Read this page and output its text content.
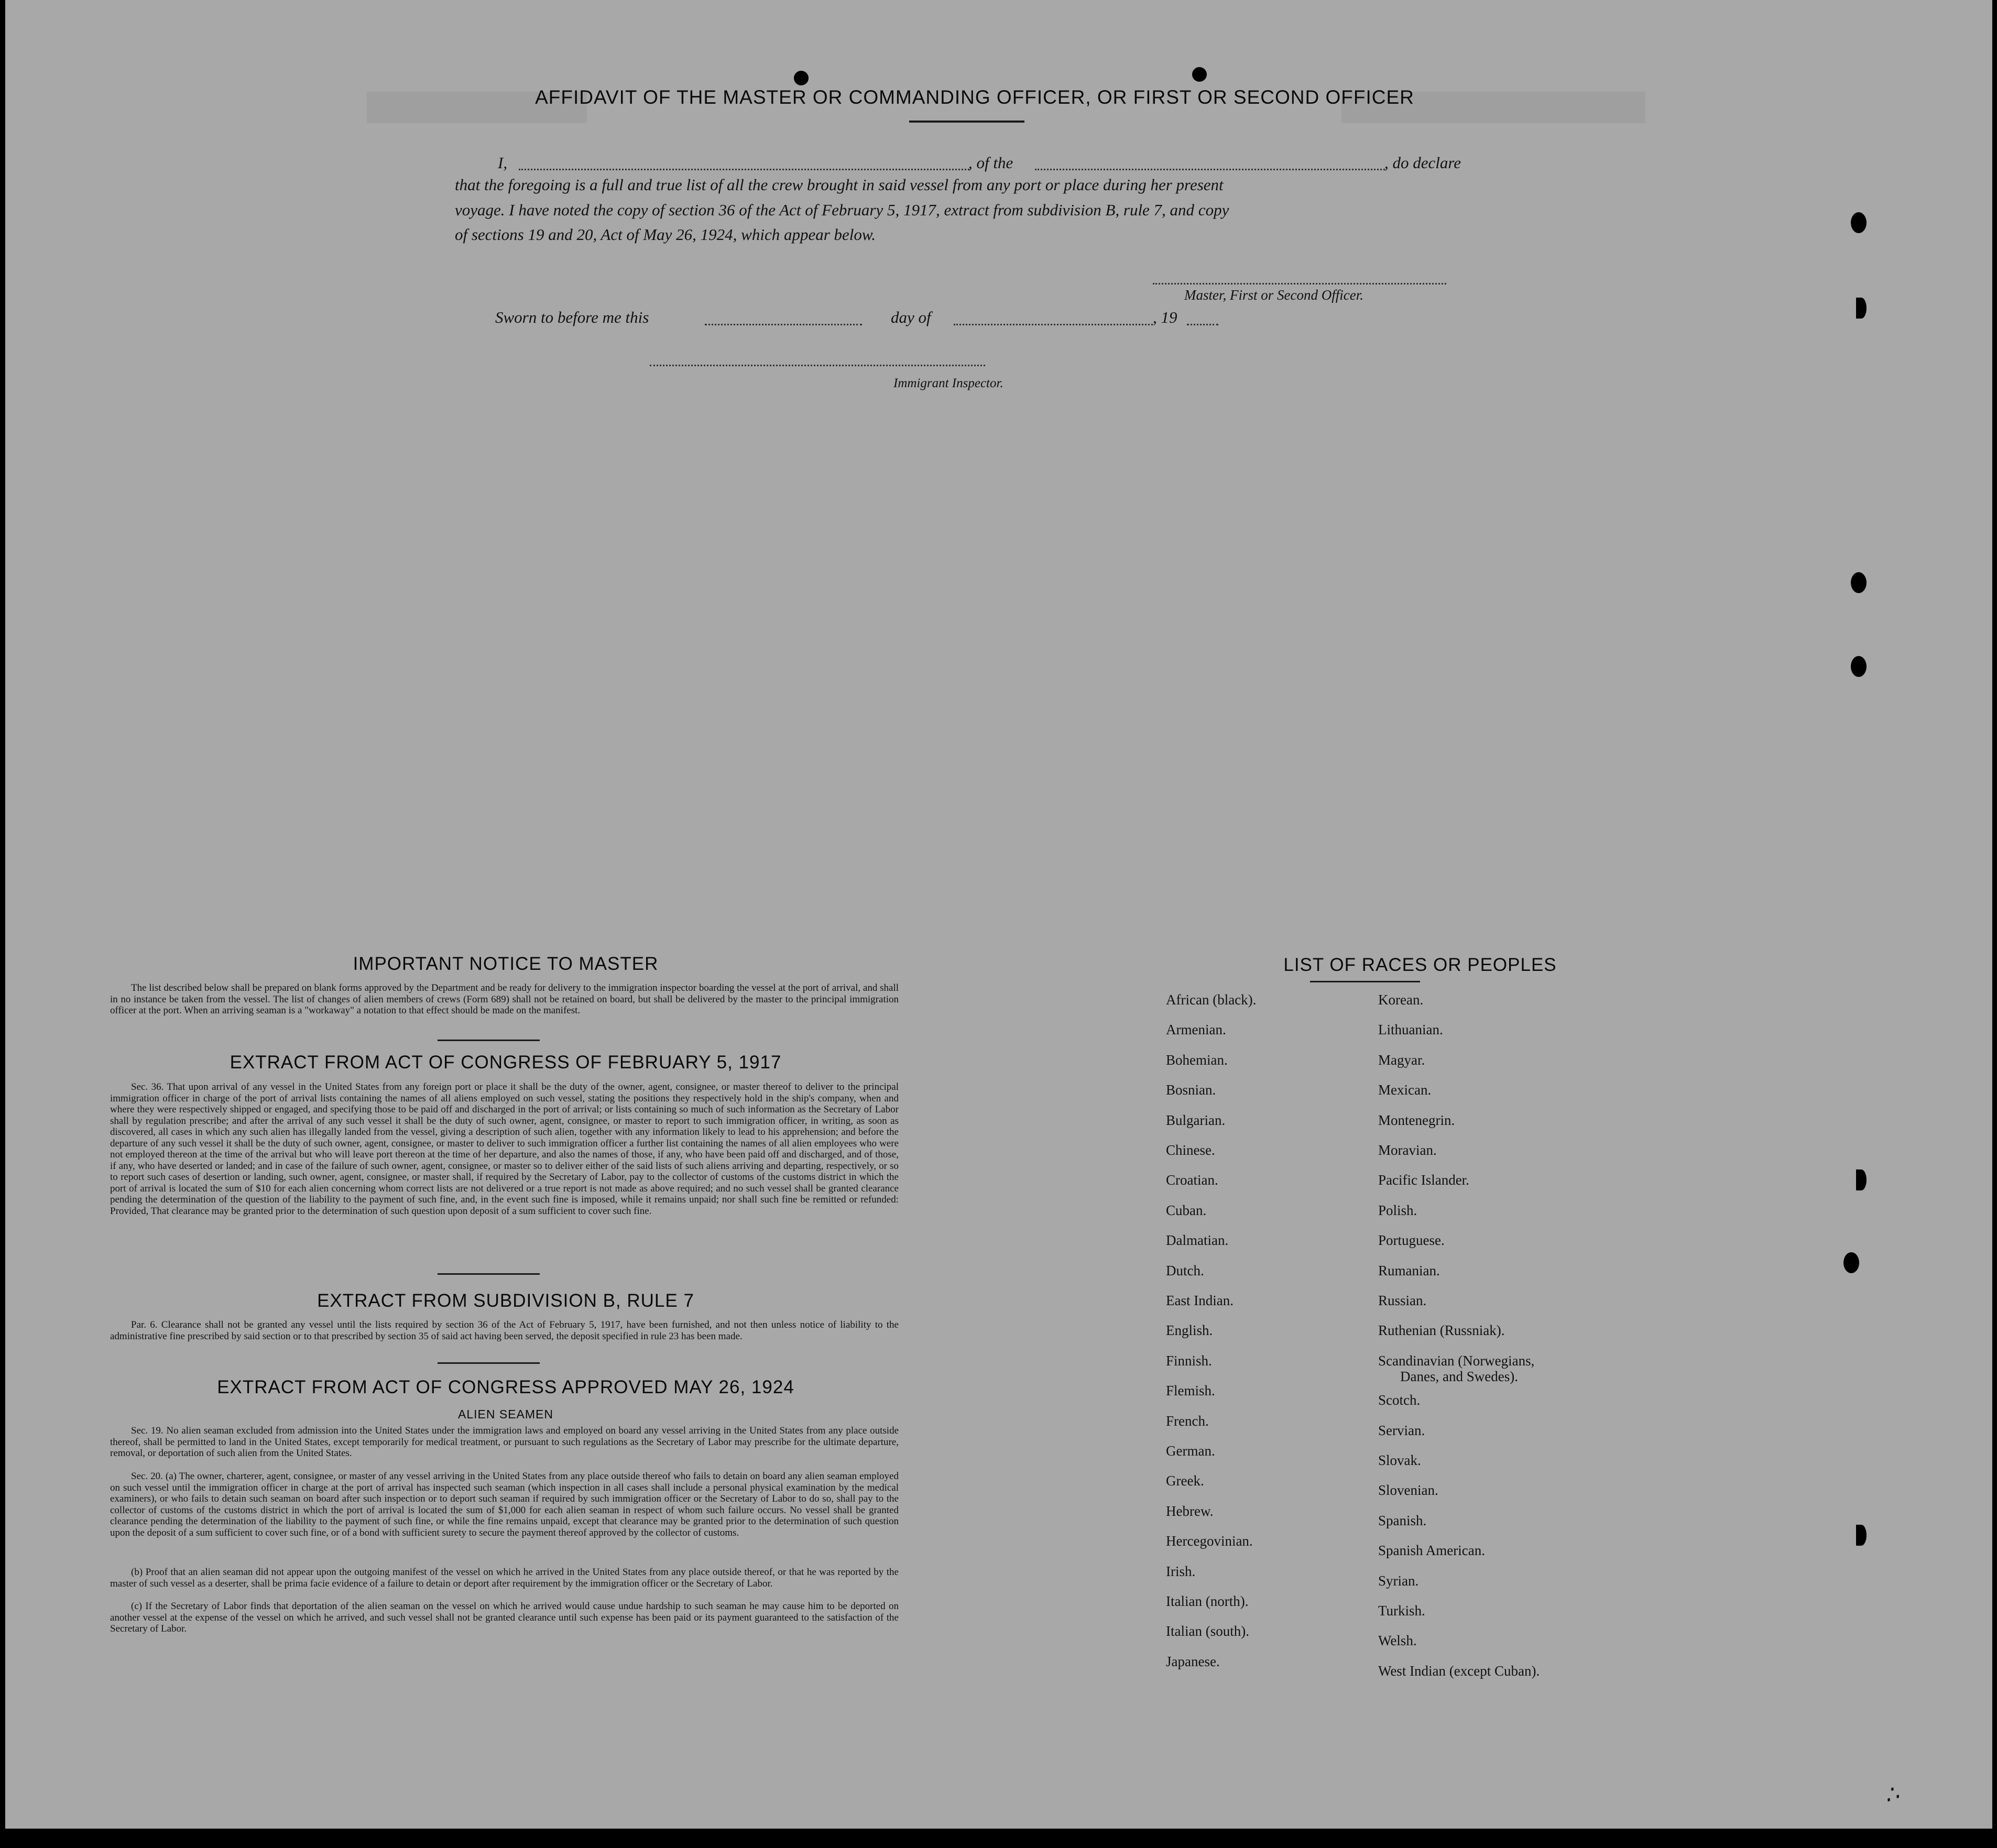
AFFIDAVIT OF THE MASTER OR COMMANDING OFFICER, OR FIRST OR SECOND OFFICER
I,	, of the	, do declare
that the foregoing is a full and true list of all the crew brought in said vessel from any port or place during her present
voyage. I have noted the copy of section 36 of the Act of February 5, 1917, extract from subdivision B, rule 7, and copy
of sections 19 and 20, Act of May 26, 1924, which appear below.
Master, First or Second Officer.
Sworn to before me this	day of	, 19
Immigrant Inspector.
IMPORTANT NOTICE TO MASTER
The list described below shall be prepared on blank forms approved by the Department and be ready for delivery to the immigration inspector boarding the vessel at the port of arrival, and shall in no instance be taken from the vessel. The list of changes of alien members of crews (Form 689) shall not be retained on board, but shall be delivered by the master to the principal immigration officer at the port. When an arriving seaman is a "workaway" a notation to that effect should be made on the manifest.
EXTRACT FROM ACT OF CONGRESS OF FEBRUARY 5, 1917
Sec. 36. That upon arrival of any vessel in the United States from any foreign port or place it shall be the duty of the owner, agent, consignee, or master thereof to deliver to the principal immigration officer in charge of the port of arrival lists containing the names of all aliens employed on such vessel, stating the positions they respectively hold in the ship's company, when and where they were respectively shipped or engaged, and specifying those to be paid off and discharged in the port of arrival; or lists containing so much of such information as the Secretary of Labor shall by regulation prescribe; and after the arrival of any such vessel it shall be the duty of such owner, agent, consignee, or master to report to such immigration officer, in writing, as soon as discovered, all cases in which any such alien has illegally landed from the vessel, giving a description of such alien, together with any information likely to lead to his apprehension; and before the departure of any such vessel it shall be the duty of such owner, agent, consignee, or master to deliver to such immigration officer a further list containing the names of all alien employees who were not employed thereon at the time of the arrival but who will leave port thereon at the time of her departure, and also the names of those, if any, who have been paid off and discharged, and of those, if any, who have deserted or landed; and in case of the failure of such owner, agent, consignee, or master so to deliver either of the said lists of such aliens arriving and departing, respectively, or so to report such cases of desertion or landing, such owner, agent, consignee, or master shall, if required by the Secretary of Labor, pay to the collector of customs of the customs district in which the port of arrival is located the sum of $10 for each alien concerning whom correct lists are not delivered or a true report is not made as above required; and no such vessel shall be granted clearance pending the determination of the question of the liability to the payment of such fine, and, in the event such fine is imposed, while it remains unpaid; nor shall such fine be remitted or refunded: Provided, That clearance may be granted prior to the determination of such question upon deposit of a sum sufficient to cover such fine.
EXTRACT FROM SUBDIVISION B, RULE 7
Par. 6. Clearance shall not be granted any vessel until the lists required by section 36 of the Act of February 5, 1917, have been furnished, and not then unless notice of liability to the administrative fine prescribed by said section or to that prescribed by section 35 of said act having been served, the deposit specified in rule 23 has been made.
EXTRACT FROM ACT OF CONGRESS APPROVED MAY 26, 1924
ALIEN SEAMEN
Sec. 19. No alien seaman excluded from admission into the United States under the immigration laws and employed on board any vessel arriving in the United States from any place outside thereof, shall be permitted to land in the United States, except temporarily for medical treatment, or pursuant to such regulations as the Secretary of Labor may prescribe for the ultimate departure, removal, or deportation of such alien from the United States.
Sec. 20. (a) The owner, charterer, agent, consignee, or master of any vessel arriving in the United States from any place outside thereof who fails to detain on board any alien seaman employed on such vessel until the immigration officer in charge at the port of arrival has inspected such seaman (which inspection in all cases shall include a personal physical examination by the medical examiners), or who fails to detain such seaman on board after such inspection or to deport such seaman if required by such immigration officer or the Secretary of Labor to do so, shall pay to the collector of customs of the customs district in which the port of arrival is located the sum of $1,000 for each alien seaman in respect of whom such failure occurs. No vessel shall be granted clearance pending the determination of the liability to the payment of such fine, or while the fine remains unpaid, except that clearance may be granted prior to the determination of such question upon the deposit of a sum sufficient to cover such fine, or of a bond with sufficient surety to secure the payment thereof approved by the collector of customs.
(b) Proof that an alien seaman did not appear upon the outgoing manifest of the vessel on which he arrived in the United States from any place outside thereof, or that he was reported by the master of such vessel as a deserter, shall be prima facie evidence of a failure to detain or deport after requirement by the immigration officer or the Secretary of Labor.
(c) If the Secretary of Labor finds that deportation of the alien seaman on the vessel on which he arrived would cause undue hardship to such seaman he may cause him to be deported on another vessel at the expense of the vessel on which he arrived, and such vessel shall not be granted clearance until such expense has been paid or its payment guaranteed to the satisfaction of the Secretary of Labor.
LIST OF RACES OR PEOPLES
∴
African (black).
Armenian.
Bohemian.
Bosnian.
Bulgarian.
Chinese.
Croatian.
Cuban.
Dalmatian.
Dutch.
East Indian.
English.
Finnish.
Flemish.
French.
German.
Greek.
Hebrew.
Hercegovinian.
Irish.
Italian (north).
Italian (south).
Japanese.
Korean.
Lithuanian.
Magyar.
Mexican.
Montenegrin.
Moravian.
Pacific Islander.
Polish.
Portuguese.
Rumanian.
Russian.
Ruthenian (Russniak).
Scandinavian (Norwegians,
Danes, and Swedes).
Scotch.
Servian.
Slovak.
Slovenian.
Spanish.
Spanish American.
Syrian.
Turkish.
Welsh.
West Indian (except Cuban).
